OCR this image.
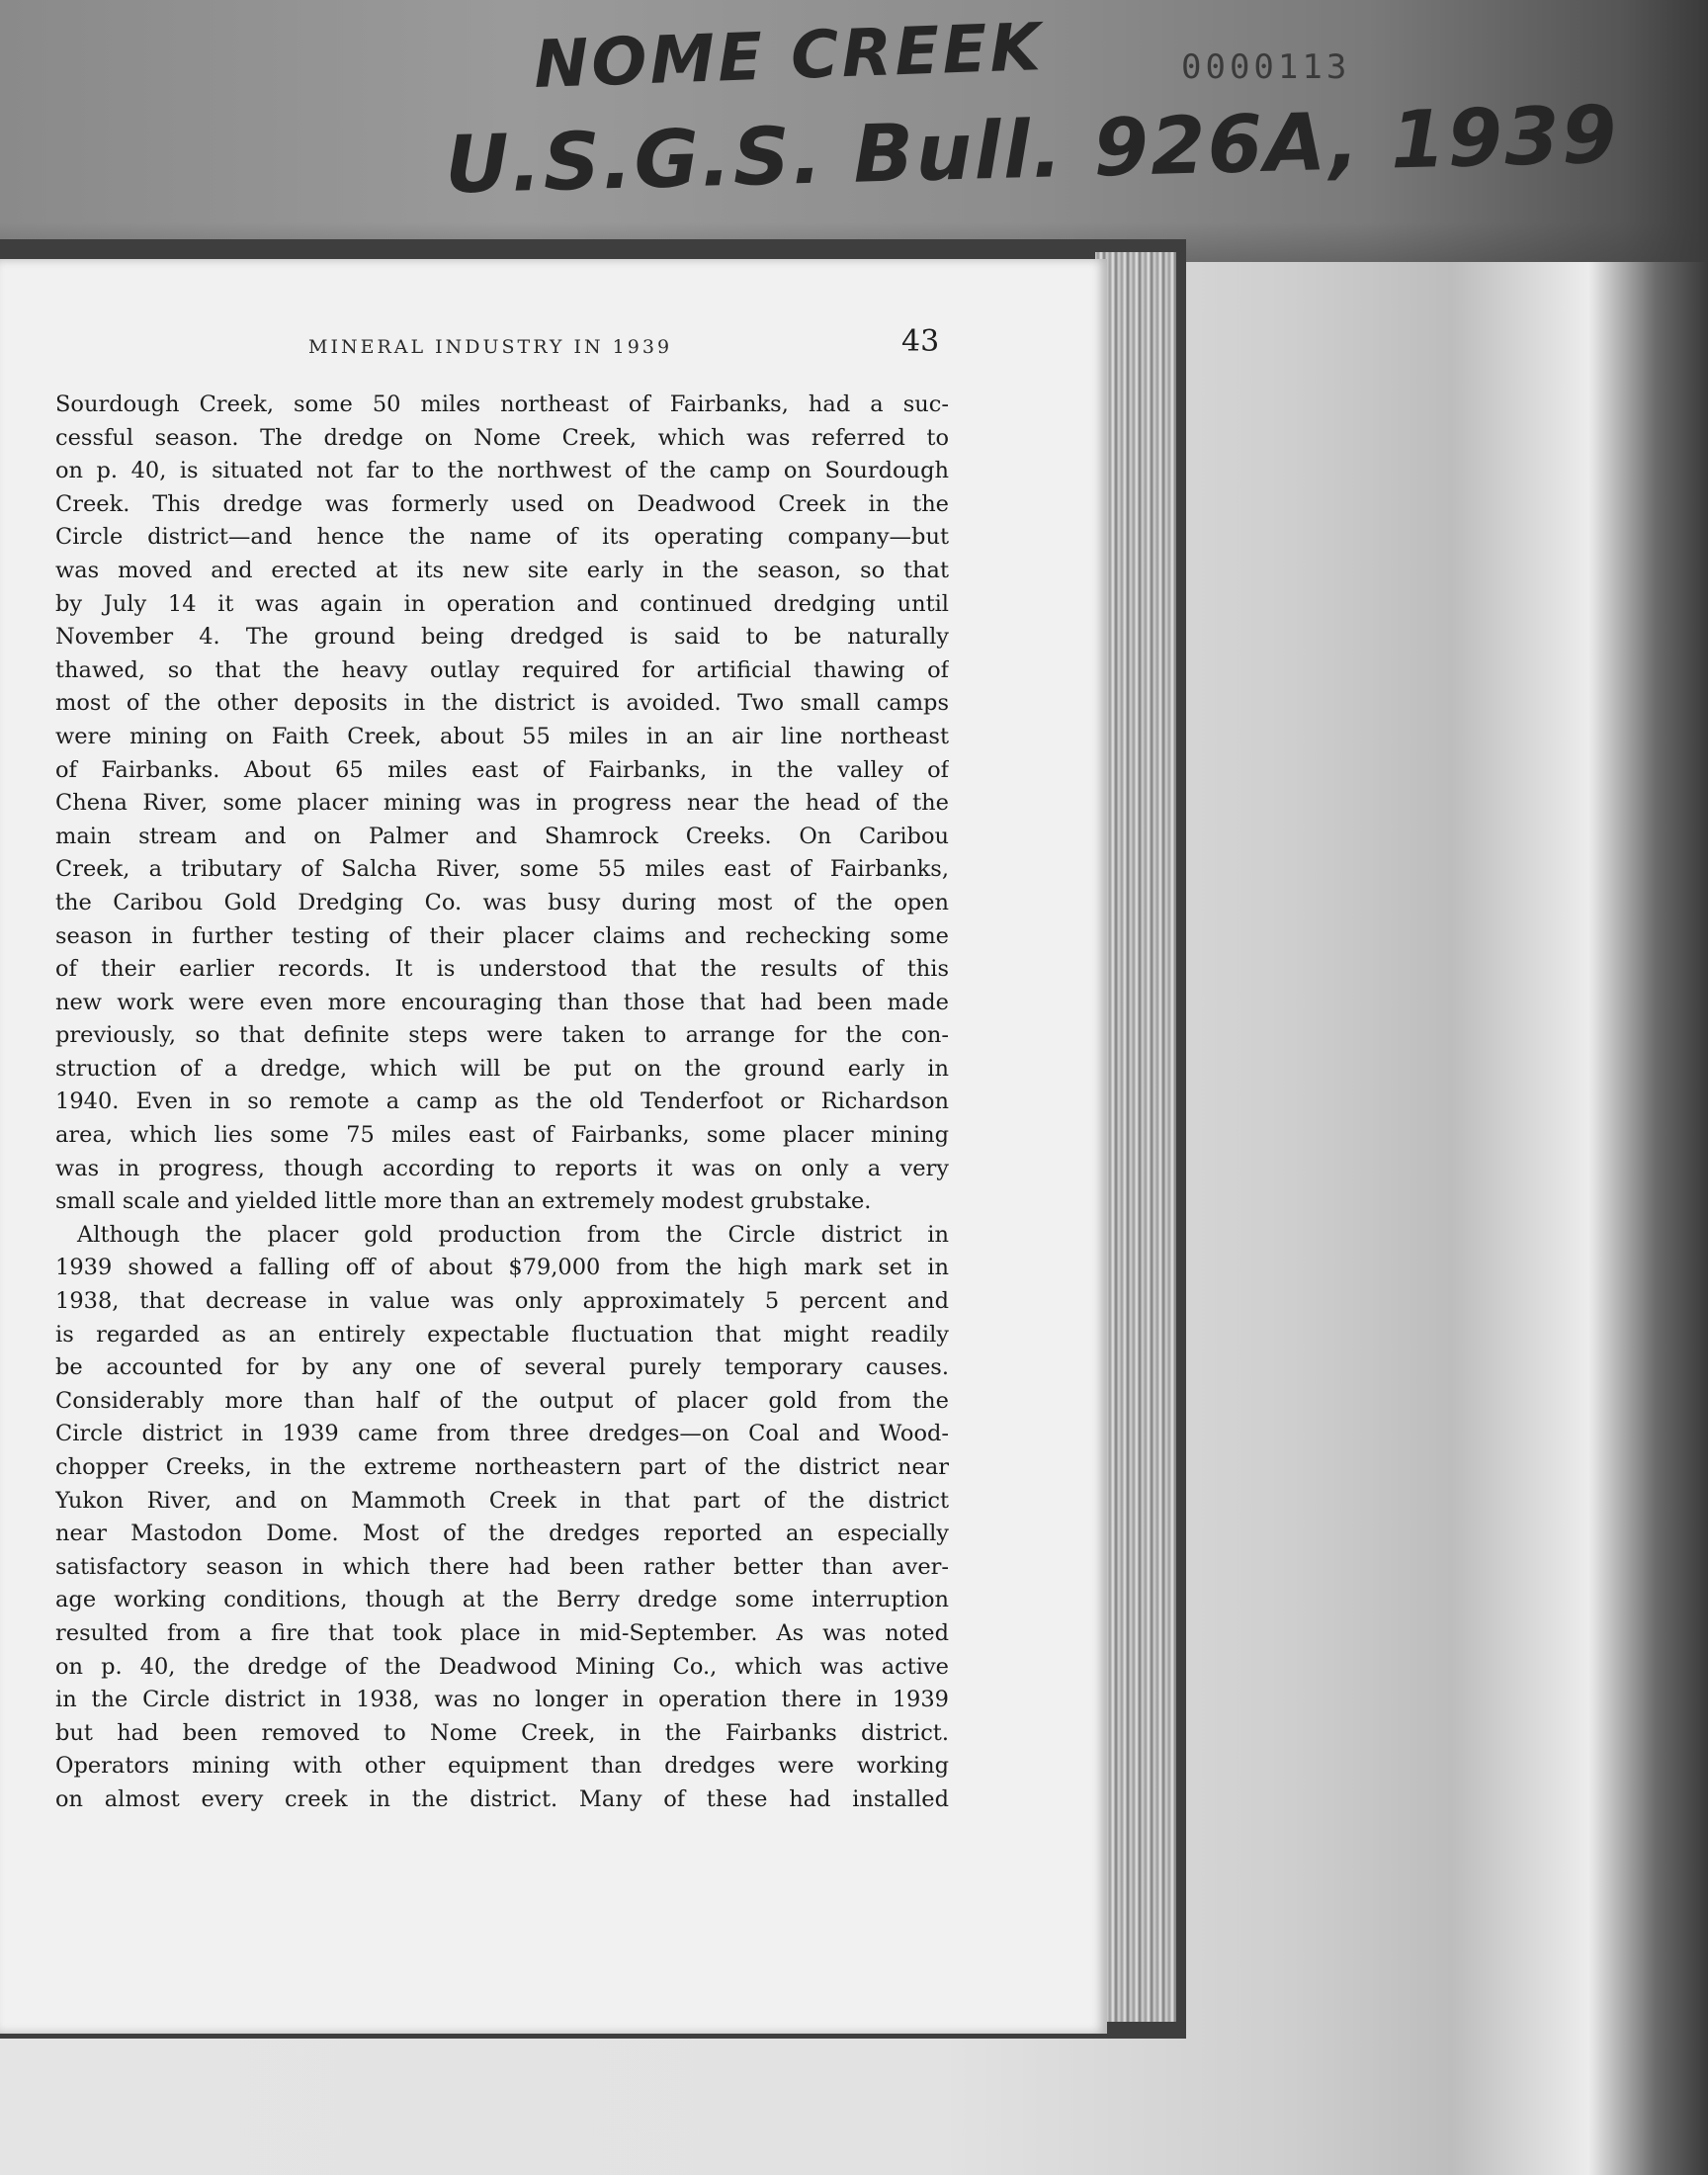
NOME CREEK
U.S.G.S. Bull. 926A, 1939
0000113
MINERAL INDUSTRY IN 1939	43
Sourdough Creek, some 50 miles northeast of Fairbanks, had a suc-
cessful season. The dredge on Nome Creek, which was referred to
on p. 40, is situated not far to the northwest of the camp on Sourdough
Creek. This dredge was formerly used on Deadwood Creek in the
Circle district—and hence the name of its operating company—but
was moved and erected at its new site early in the season, so that
by July 14 it was again in operation and continued dredging until
November 4. The ground being dredged is said to be naturally
thawed, so that the heavy outlay required for artificial thawing of
most of the other deposits in the district is avoided. Two small camps
were mining on Faith Creek, about 55 miles in an air line northeast
of Fairbanks. About 65 miles east of Fairbanks, in the valley of
Chena River, some placer mining was in progress near the head of the
main stream and on Palmer and Shamrock Creeks. On Caribou
Creek, a tributary of Salcha River, some 55 miles east of Fairbanks,
the Caribou Gold Dredging Co. was busy during most of the open
season in further testing of their placer claims and rechecking some
of their earlier records. It is understood that the results of this
new work were even more encouraging than those that had been made
previously, so that definite steps were taken to arrange for the con-
struction of a dredge, which will be put on the ground early in
1940. Even in so remote a camp as the old Tenderfoot or Richardson
area, which lies some 75 miles east of Fairbanks, some placer mining
was in progress, though according to reports it was on only a very
small scale and yielded little more than an extremely modest grubstake.
Although the placer gold production from the Circle district in
1939 showed a falling off of about $79,000 from the high mark set in
1938, that decrease in value was only approximately 5 percent and
is regarded as an entirely expectable fluctuation that might readily
be accounted for by any one of several purely temporary causes.
Considerably more than half of the output of placer gold from the
Circle district in 1939 came from three dredges—on Coal and Wood-
chopper Creeks, in the extreme northeastern part of the district near
Yukon River, and on Mammoth Creek in that part of the district
near Mastodon Dome. Most of the dredges reported an especially
satisfactory season in which there had been rather better than aver-
age working conditions, though at the Berry dredge some interruption
resulted from a fire that took place in mid-September. As was noted
on p. 40, the dredge of the Deadwood Mining Co., which was active
in the Circle district in 1938, was no longer in operation there in 1939
but had been removed to Nome Creek, in the Fairbanks district.
Operators mining with other equipment than dredges were working
on almost every creek in the district. Many of these had installed
